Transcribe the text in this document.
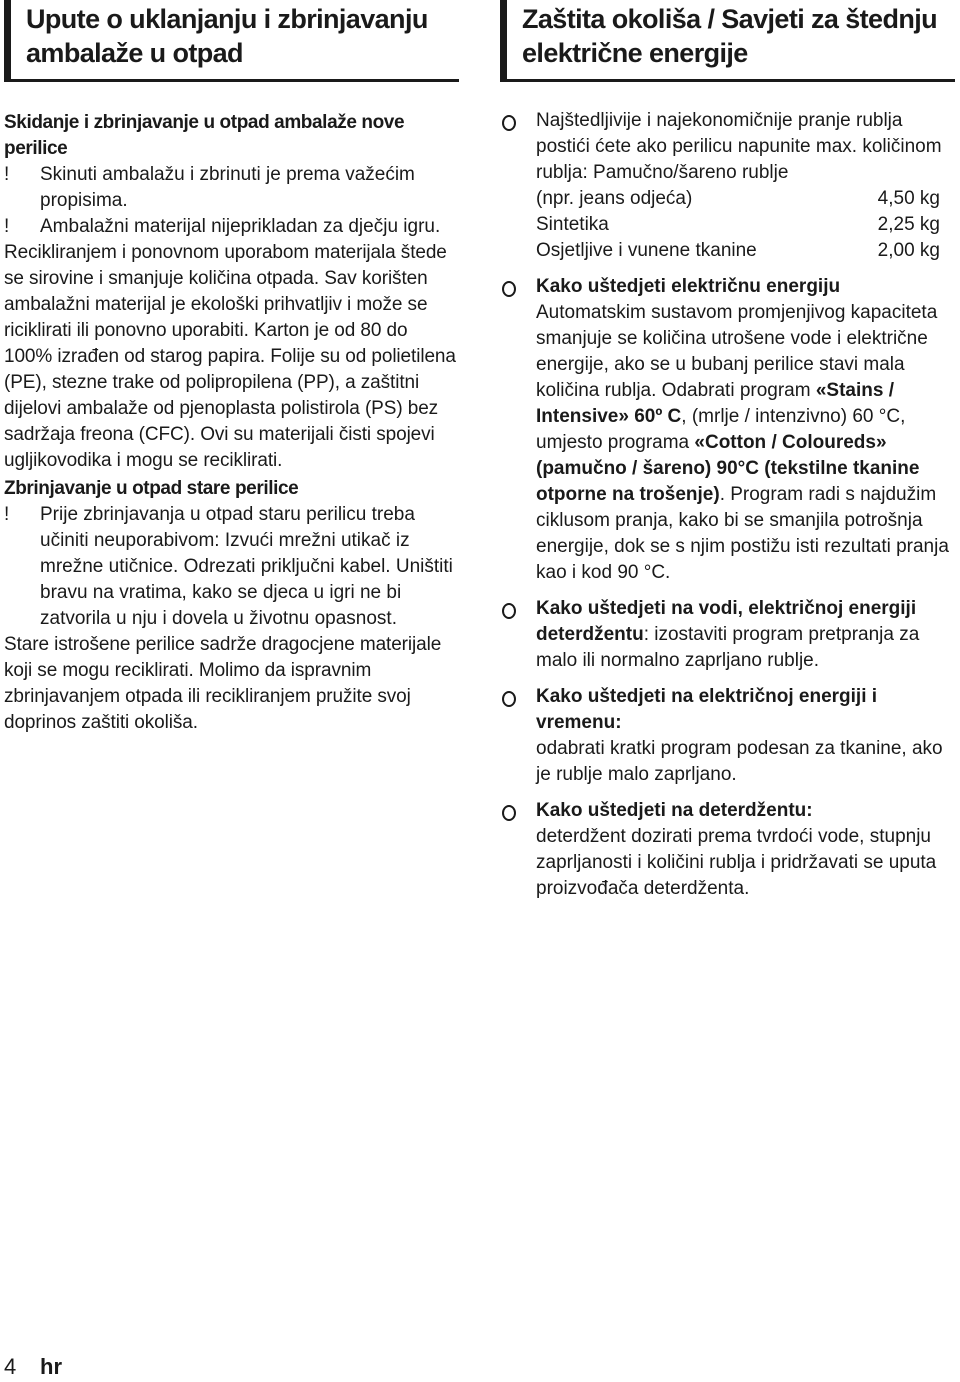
Upute o uklanjanju i zbrinjavanju ambalaže u otpad

Skidanje i zbrinjavanje u otpad ambalaže nove perilice

!	Skinuti ambalažu i zbrinuti je prema važećim propisima.

!	Ambalažni materijal nijeprikladan za dječju igru.

Recikliranjem i ponovnom uporabom materijala štede se sirovine i smanjuje količina otpada. Sav korišten ambalažni materijal je ekološki prihvatljiv i može se riciklirati ili ponovno uporabiti. Karton je od 80 do 100% izrađen od starog papira. Folije su od polietilena (PE), stezne trake od polipropilena (PP), a zaštitni dijelovi ambalaže od pjenoplasta polistirola (PS) bez sadržaja freona (CFC). Ovi su materijali čisti spojevi ugljikovodika i mogu se reciklirati.

Zbrinjavanje u otpad stare perilice

!	Prije zbrinjavanja u otpad staru perilicu treba učiniti neuporabivom: Izvući mrežni utikač iz mrežne utičnice. Odrezati priključni kabel. Uništiti bravu na vratima, kako se djeca u igri ne bi zatvorila u nju i dovela u životnu opasnost.

Stare istrošene perilice sadrže dragocjene materijale koji se mogu reciklirati. Molimo da ispravnim zbrinjavanjem otpada ili recikliranjem pružite svoj doprinos zaštiti okoliša.

Zaštita okoliša / Savjeti za štednju električne energije
Najštedljivije i najekonomičnije pranje rublja postići ćete ako perilicu napunite max. količinom rublja: Pamučno/šareno rublje
(npr. jeans odjeća)	4,50 kg
Sintetika	2,25 kg
Osjetljive i vunene tkanine	2,00 kg
Kako uštedjeti električnu energiju
Automatskim sustavom promjenjivog kapaciteta smanjuje se količina utrošene vode i električne energije, ako se u bubanj perilice stavi mala količina rublja. Odabrati program «Stains / Intensive» 60º C, (mrlje / intenzivno) 60 °C, umjesto programa «Cotton / Coloureds» (pamučno / šareno) 90°C (tekstilne tkanine otporne na trošenje). Program radi s najdužim ciklusom pranja, kako bi se smanjila potrošnja energije, dok se s njim postižu isti rezultati pranja kao i kod 90 °C.
Kako uštedjeti na vodi, električnoj energiji deterdžentu: izostaviti program pretpranja za malo ili normalno zaprljano rublje.
Kako uštedjeti na električnoj energiji i vremenu:
odabrati kratki program podesan za tkanine, ako je rublje malo zaprljano.
Kako uštedjeti na deterdžentu:
deterdžent dozirati prema tvrdoći vode, stupnju zaprljanosti i količini rublja i pridržavati se uputa proizvođača deterdženta.
4 hr
